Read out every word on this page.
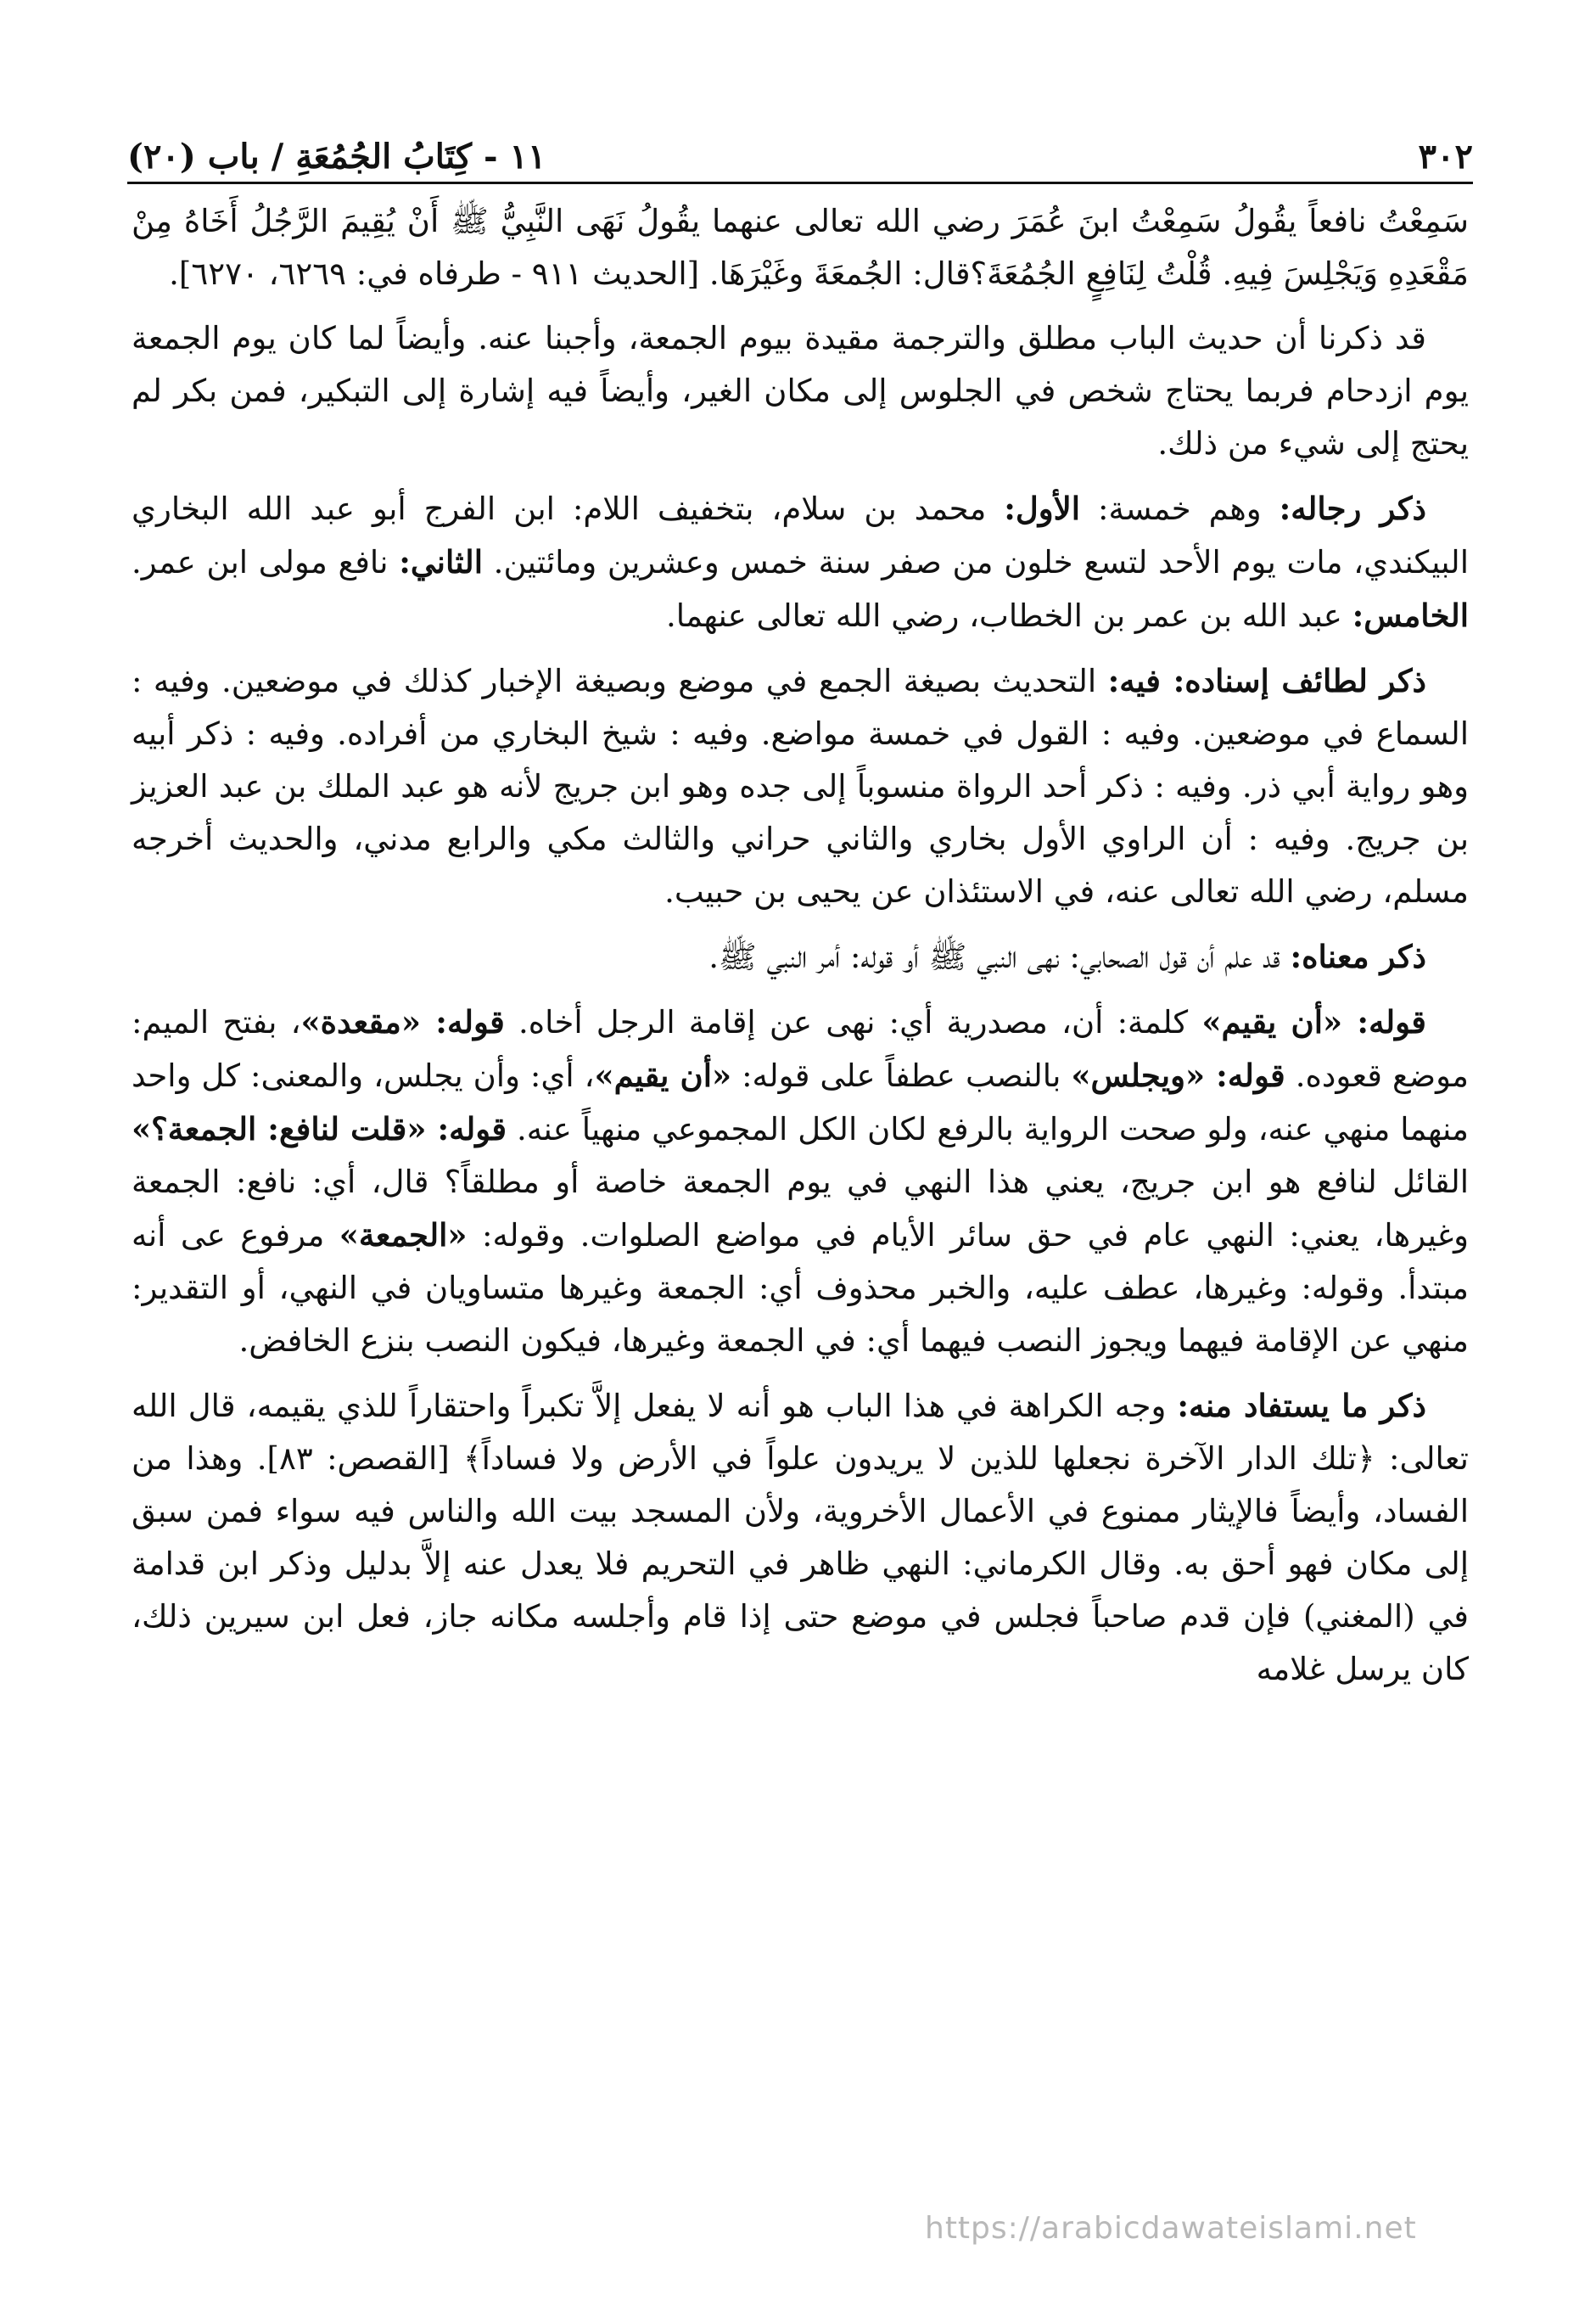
١١ - كِتَابُ الجُمُعَةِ / باب (٢٠)	٣٠٢

سَمِعْتُ نافعاً يقُولُ سَمِعْتُ ابنَ عُمَرَ رضي الله تعالى عنهما يقُولُ نَهَى النَّبِيُّ ﷺ أَنْ يُقِيمَ الرَّجُلُ أَخَاهُ مِنْ مَقْعَدِهِ وَيَجْلِسَ فِيهِ. قُلْتُ لِنَافِعٍ الجُمُعَةَ؟قال: الجُمعَةَ وغَيْرَهَا. [الحديث ٩١١ - طرفاه في: ٦٢٦٩، ٦٢٧٠].

قد ذكرنا أن حديث الباب مطلق والترجمة مقيدة بيوم الجمعة، وأجبنا عنه. وأيضاً لما كان يوم الجمعة يوم ازدحام فربما يحتاج شخص في الجلوس إلى مكان الغير، وأيضاً فيه إشارة إلى التبكير، فمن بكر لم يحتج إلى شيء من ذلك.

ذكر رجاله: وهم خمسة: الأول: محمد بن سلام، بتخفيف اللام: ابن الفرج أبو عبد الله البخاري البيكندي، مات يوم الأحد لتسع خلون من صفر سنة خمس وعشرين ومائتين. الثاني: نافع مولى ابن عمر. الخامس: عبد الله بن عمر بن الخطاب، رضي الله تعالى عنهما.

ذكر لطائف إسناده: فيه: التحديث بصيغة الجمع في موضع وبصيغة الإخبار كذلك في موضعين. وفيه : السماع في موضعين. وفيه : القول في خمسة مواضع. وفيه : شيخ البخاري من أفراده. وفيه : ذكر أبيه وهو رواية أبي ذر. وفيه : ذكر أحد الرواة منسوباً إلى جده وهو ابن جريج لأنه هو عبد الملك بن عبد العزيز بن جريج. وفيه : أن الراوي الأول بخاري والثاني حراني والثالث مكي والرابع مدني، والحديث أخرجه مسلم، رضي الله تعالى عنه، في الاستئذان عن يحيى بن حبيب.

ذكر معناه: قد علم أن قول الصحابي: نهى النبي ﷺ أو قوله: أمر النبي ﷺ.

قوله: «أن يقيم» كلمة: أن، مصدرية أي: نهى عن إقامة الرجل أخاه. قوله: «مقعدة»، بفتح الميم: موضع قعوده. قوله: «ويجلس» بالنصب عطفاً على قوله: «أن يقيم»، أي: وأن يجلس، والمعنى: كل واحد منهما منهي عنه، ولو صحت الرواية بالرفع لكان الكل المجموعي منهياً عنه. قوله: «قلت لنافع: الجمعة؟» القائل لنافع هو ابن جريج، يعني هذا النهي في يوم الجمعة خاصة أو مطلقاً؟ قال، أي: نافع: الجمعة وغيرها، يعني: النهي عام في حق سائر الأيام في مواضع الصلوات. وقوله: «الجمعة» مرفوع عى أنه مبتدأ. وقوله: وغيرها، عطف عليه، والخبر محذوف أي: الجمعة وغيرها متساويان في النهي، أو التقدير: منهي عن الإقامة فيهما ويجوز النصب فيهما أي: في الجمعة وغيرها، فيكون النصب بنزع الخافض.

ذكر ما يستفاد منه: وجه الكراهة في هذا الباب هو أنه لا يفعل إلاَّ تكبراً واحتقاراً للذي يقيمه، قال الله تعالى: ﴿تلك الدار الآخرة نجعلها للذين لا يريدون علواً في الأرض ولا فساداً﴾ [القصص: ٨٣]. وهذا من الفساد، وأيضاً فالإيثار ممنوع في الأعمال الأخروية، ولأن المسجد بيت الله والناس فيه سواء فمن سبق إلى مكان فهو أحق به. وقال الكرماني: النهي ظاهر في التحريم فلا يعدل عنه إلاَّ بدليل وذكر ابن قدامة في (المغني) فإن قدم صاحباً فجلس في موضع حتى إذا قام وأجلسه مكانه جاز، فعل ابن سيرين ذلك، كان يرسل غلامه

https://arabicdawateislami.net
